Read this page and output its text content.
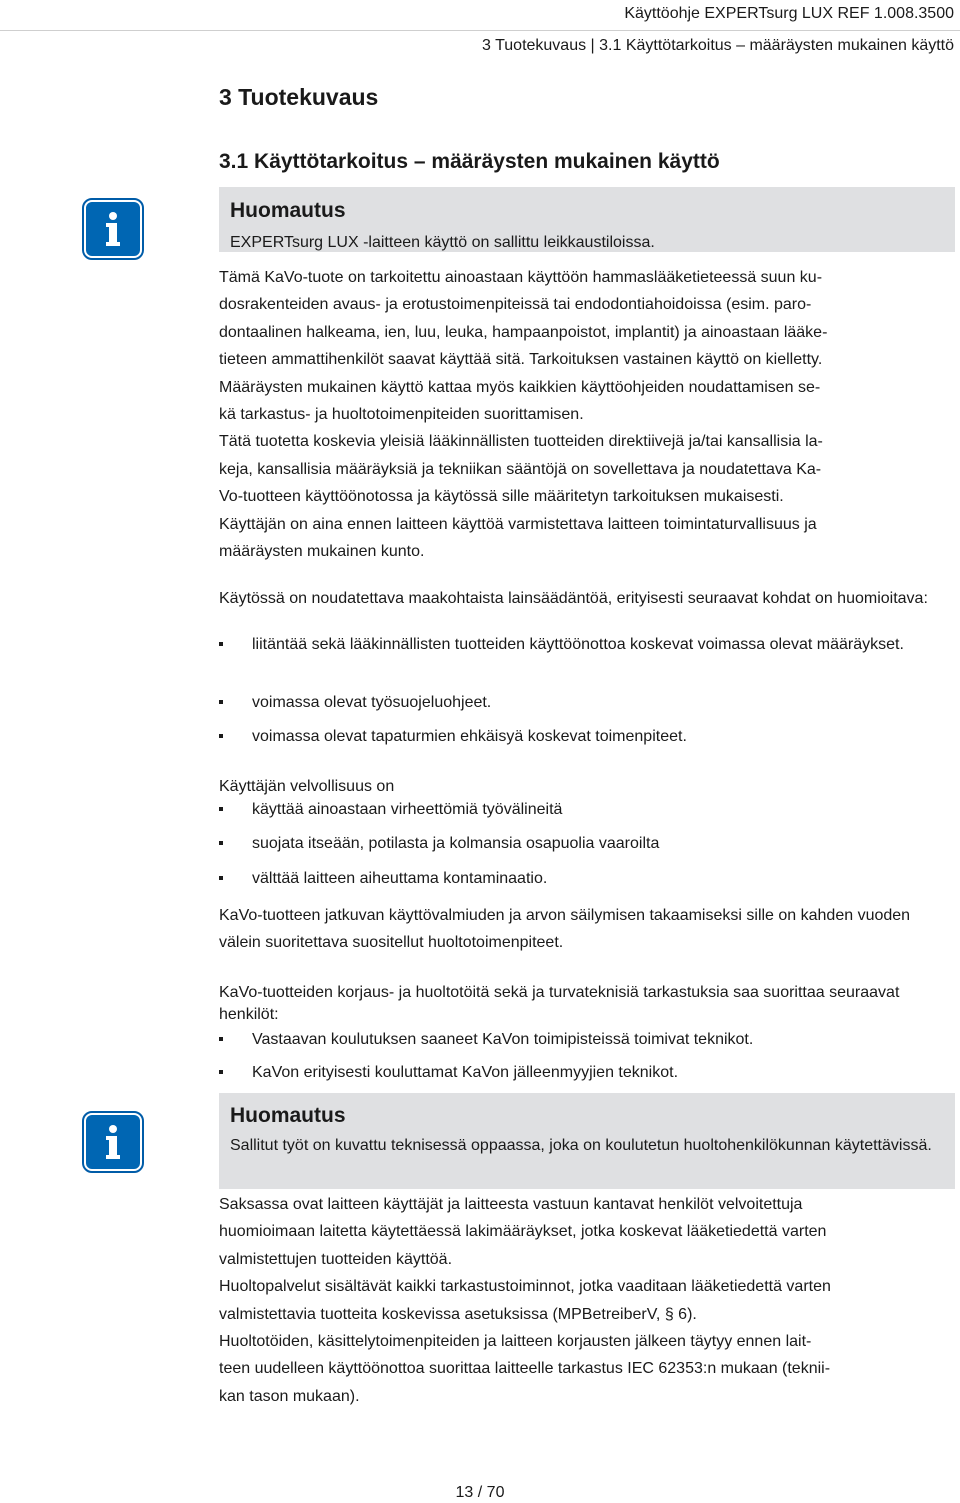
Käyttöohje EXPERTsurg LUX REF 1.008.3500
3 Tuotekuvaus | 3.1 Käyttötarkoitus – määräysten mukainen käyttö
3 Tuotekuvaus
3.1 Käyttötarkoitus – määräysten mukainen käyttö
Huomautus
EXPERTsurg LUX -laitteen käyttö on sallittu leikkaustiloissa.

Tämä KaVo-tuote on tarkoitettu ainoastaan käyttöön hammaslääketieteessä suun ku-

dosrakenteiden avaus- ja erotustoimenpiteissä tai endodontiahoidoissa (esim. paro-

dontaalinen halkeama, ien, luu, leuka, hampaanpoistot, implantit) ja ainoastaan lääke-

tieteen ammattihenkilöt saavat käyttää sitä. Tarkoituksen vastainen käyttö on kielletty.

Määräysten mukainen käyttö kattaa myös kaikkien käyttöohjeiden noudattamisen se-

kä tarkastus- ja huoltotoimenpiteiden suorittamisen.

Tätä tuotetta koskevia yleisiä lääkinnällisten tuotteiden direktiivejä ja/tai kansallisia la-

keja, kansallisia määräyksiä ja tekniikan sääntöjä on sovellettava ja noudatettava Ka-

Vo-tuotteen käyttöönotossa ja käytössä sille määritetyn tarkoituksen mukaisesti.

Käyttäjän on aina ennen laitteen käyttöä varmistettava laitteen toimintaturvallisuus ja

määräysten mukainen kunto.

Käytössä on noudatettava maakohtaista lainsäädäntöä, erityisesti seuraavat kohdat on huomioitava:

liitäntää sekä lääkinnällisten tuotteiden käyttöönottoa koskevat voimassa olevat määräykset.
voimassa olevat työsuojeluohjeet.
voimassa olevat tapaturmien ehkäisyä koskevat toimenpiteet.

Käyttäjän velvollisuus on

käyttää ainoastaan virheettömiä työvälineitä
suojata itseään, potilasta ja kolmansia osapuolia vaaroilta
välttää laitteen aiheuttama kontaminaatio.

KaVo-tuotteen jatkuvan käyttövalmiuden ja arvon säilymisen takaamiseksi sille on kahden vuoden välein suoritettava suositellut huoltotoimenpiteet.

KaVo-tuotteiden korjaus- ja huoltotöitä sekä ja turvateknisiä tarkastuksia saa suorittaa seuraavat henkilöt:

Vastaavan koulutuksen saaneet KaVon toimipisteissä toimivat teknikot.
KaVon erityisesti kouluttamat KaVon jälleenmyyjien teknikot.
Huomautus
Sallitut työt on kuvattu teknisessä oppaassa, joka on koulutetun huoltohenkilökunnan käytettävissä.

Saksassa ovat laitteen käyttäjät ja laitteesta vastuun kantavat henkilöt velvoitettuja

huomioimaan laitetta käytettäessä lakimääräykset, jotka koskevat lääketiedettä varten

valmistettujen tuotteiden käyttöä.

Huoltopalvelut sisältävät kaikki tarkastustoiminnot, jotka vaaditaan lääketiedettä varten

valmistettavia tuotteita koskevissa asetuksissa (MPBetreiberV, § 6).

Huoltotöiden, käsittelytoimenpiteiden ja laitteen korjausten jälkeen täytyy ennen lait-

teen uudelleen käyttöönottoa suorittaa laitteelle tarkastus IEC 62353:n mukaan (teknii-

kan tason mukaan).

13 / 70
